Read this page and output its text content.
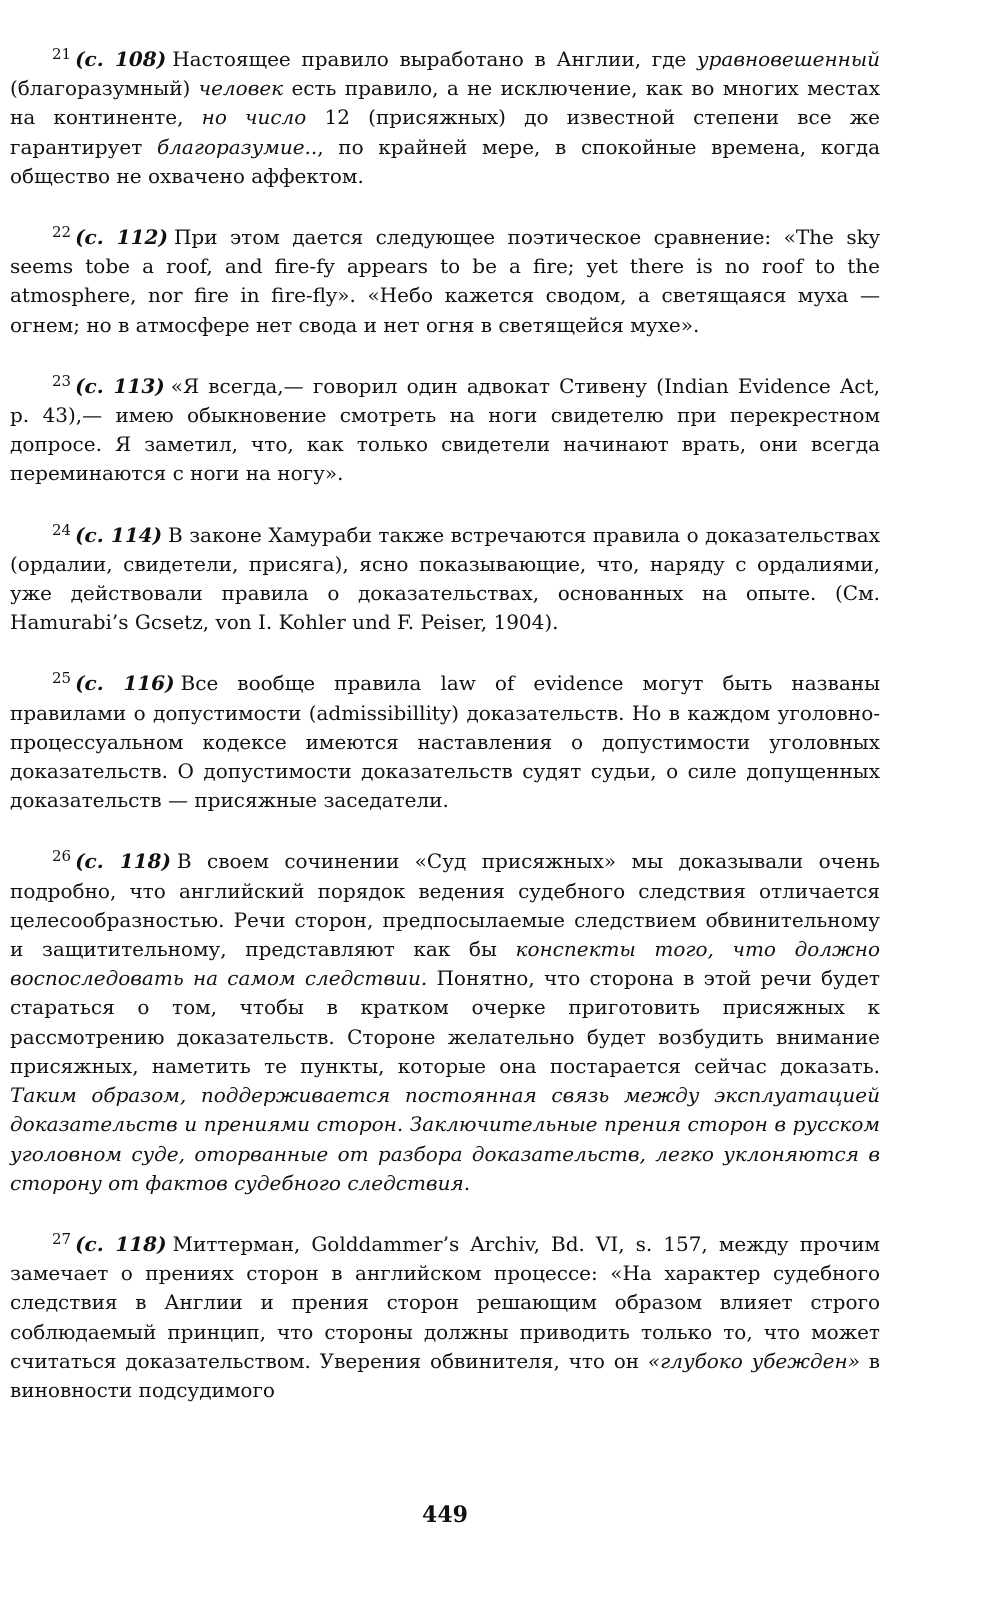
$^{21}$ (с. 108) Настоящее правило выработано в Англии, где уравновешенный (благоразумный) человек есть правило, а не исключение, как во многих местах на континенте, но число 12 (присяжных) до известной степени все же гарантирует благоразумие.., по крайней мере, в спокойные времена, когда общество не охвачено аффектом.

$^{22}$ (с. 112) При этом дается следующее поэтическое сравнение: «The sky seems tobe a roof, and fire-fy appears to be a fire; yet there is no roof to the atmosphere, nor fire in fire-fly». «Небо кажется сводом, а светящаяся муха — огнем; но в атмосфере нет свода и нет огня в светящейся мухе».

$^{23}$ (с. 113) «Я всегда,— говорил один адвокат Стивену (Indian Evidence Act, p. 43),— имею обыкновение смотреть на ноги свидетелю при перекрестном допросе. Я заметил, что, как только свидетели начинают врать, они всегда переминаются с ноги на ногу».

$^{24}$ (с. 114) В законе Хамураби также встречаются правила о доказательствах (ордалии, свидетели, присяга), ясно показывающие, что, наряду с ордалиями, уже действовали правила о доказательствах, основанных на опыте. (См. Hamurabi’s Gcsetz, von I. Kohler und F. Peiser, 1904).

$^{25}$ (с. 116) Все вообще правила law of evidence могут быть названы правилами о допустимости (admissibillity) доказательств. Но в каждом уголовно-процессуальном кодексе имеются наставления о допустимости уголовных доказательств. О допустимости доказательств судят судьи, о силе допущенных доказательств — присяжные заседатели.

$^{26}$ (с. 118) В своем сочинении «Суд присяжных» мы доказывали очень подробно, что английский порядок ведения судебного следствия отличается целесообразностью. Речи сторон, предпосылаемые следствием обвинительному и защитительному, представляют как бы конспекты того, что должно воспоследовать на самом следствии. Понятно, что сторона в этой речи будет стараться о том, чтобы в кратком очерке приготовить присяжных к рассмотрению доказательств. Стороне желательно будет возбудить внимание присяжных, наметить те пункты, которые она постарается сейчас доказать. Таким образом, поддерживается постоянная связь между эксплуатацией доказательств и прениями сторон. Заключительные прения сторон в русском уголовном суде, оторванные от разбора доказательств, легко уклоняются в сторону от фактов судебного следствия.

$^{27}$ (с. 118) Миттерман, Golddammer’s Archiv, Bd. VI, s. 157, между прочим замечает о прениях сторон в английском процессе: «На характер судебного следствия в Англии и прения сторон решающим образом влияет строго соблюдаемый принцип, что стороны должны приводить только то, что может считаться доказательством. Уверения обвинителя, что он «глубоко убежден» в виновности подсудимого

449
